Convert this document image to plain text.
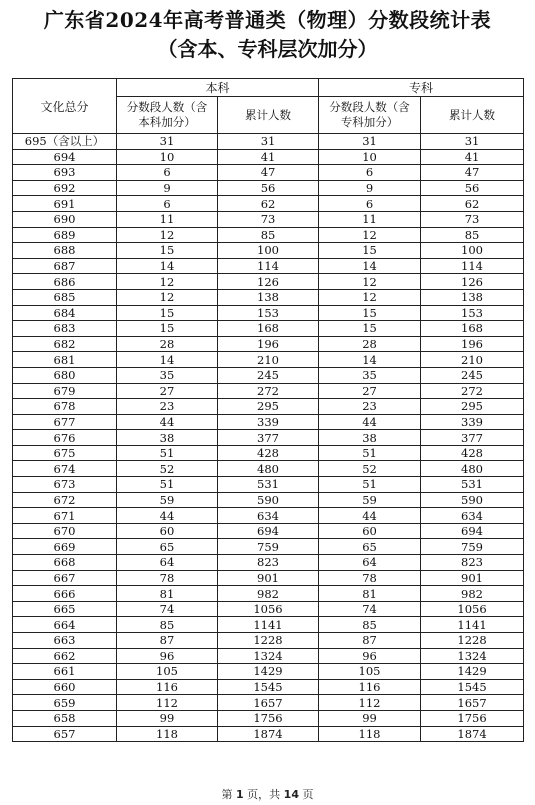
广东省2024年高考普通类（物理）分数段统计表
（含本、专科层次加分）
文化总分	本科		专科	

	分数段人数（含
本科加分）	累计人数	分数段人数（含
专科加分）	累计人数
695（含以上）	31	31	31	31
694	10	41	10	41
693	6	47	6	47
692	9	56	9	56
691	6	62	6	62
690	11	73	11	73
689	12	85	12	85
688	15	100	15	100
687	14	114	14	114
686	12	126	12	126
685	12	138	12	138
684	15	153	15	153
683	15	168	15	168
682	28	196	28	196
681	14	210	14	210
680	35	245	35	245
679	27	272	27	272
678	23	295	23	295
677	44	339	44	339
676	38	377	38	377
675	51	428	51	428
674	52	480	52	480
673	51	531	51	531
672	59	590	59	590
671	44	634	44	634
670	60	694	60	694
669	65	759	65	759
668	64	823	64	823
667	78	901	78	901
666	81	982	81	982
665	74	1056	74	1056
664	85	1141	85	1141
663	87	1228	87	1228
662	96	1324	96	1324
661	105	1429	105	1429
660	116	1545	116	1545
659	112	1657	112	1657
658	99	1756	99	1756
657	118	1874	118	1874
第 1 页，共 14 页
